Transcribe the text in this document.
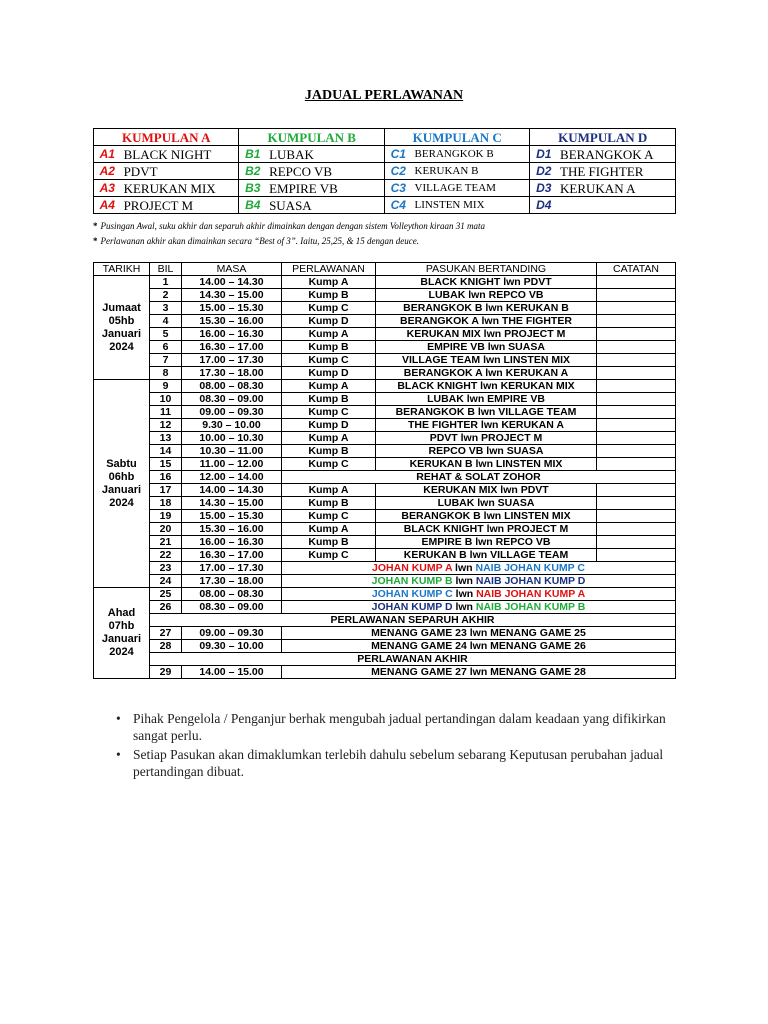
JADUAL PERLAWANAN
KUMPULAN A		KUMPULAN B		KUMPULAN C		KUMPULAN D	
A1	BLACK NIGHT	B1	LUBAK	C1	BERANGKOK B	D1	BERANGKOK A
A2	PDVT	B2	REPCO VB	C2	KERUKAN B	D2	THE FIGHTER
A3	KERUKAN MIX	B3	EMPIRE VB	C3	VILLAGE TEAM	D3	KERUKAN A
A4	PROJECT M	B4	SUASA	C4	LINSTEN MIX	D4	
* Pusingan Awal, suku akhir dan separuh akhir dimainkan dengan dengan sistem Volleython kiraan 31 mata
* Perlawanan akhir akan dimainkan secara “Best of 3”. Iaitu, 25,25, & 15 dengan deuce.
TARIKH	BIL	MASA	PERLAWANAN	PASUKAN BERTANDING	CATATAN
Jumaat 05hb Januari 2024	1	14.00 – 14.30	Kump A	BLACK KNIGHT lwn PDVT	
	2	14.30 – 15.00	Kump B	LUBAK lwn REPCO VB	
	3	15.00 – 15.30	Kump C	BERANGKOK B lwn KERUKAN B	
	4	15.30 – 16.00	Kump D	BERANGKOK A lwn THE FIGHTER	
	5	16.00 – 16.30	Kump A	KERUKAN MIX lwn PROJECT M	
	6	16.30 – 17.00	Kump B	EMPIRE VB lwn SUASA	
	7	17.00 – 17.30	Kump C	VILLAGE TEAM lwn LINSTEN MIX	
	8	17.30 – 18.00	Kump D	BERANGKOK A lwn KERUKAN A	
Sabtu 06hb Januari 2024	9	08.00 – 08.30	Kump A	BLACK KNIGHT lwn KERUKAN MIX	
	10	08.30 – 09.00	Kump B	LUBAK lwn EMPIRE VB	
	11	09.00 – 09.30	Kump C	BERANGKOK B lwn VILLAGE TEAM	
	12	9.30 – 10.00	Kump D	THE FIGHTER lwn KERUKAN A	
	13	10.00 – 10.30	Kump A	PDVT lwn PROJECT M	
	14	10.30 – 11.00	Kump B	REPCO VB lwn SUASA	
	15	11.00 – 12.00	Kump C	KERUKAN B lwn LINSTEN MIX	
	16	12.00 – 14.00	REHAT & SOLAT ZOHOR		
	17	14.00 – 14.30	Kump A	KERUKAN MIX lwn PDVT	
	18	14.30 – 15.00	Kump B	LUBAK lwn SUASA	
	19	15.00 – 15.30	Kump C	BERANGKOK B lwn LINSTEN MIX	
	20	15.30 – 16.00	Kump A	BLACK KNIGHT lwn PROJECT M	
	21	16.00 – 16.30	Kump B	EMPIRE B lwn REPCO VB	
	22	16.30 – 17.00	Kump C	KERUKAN B lwn VILLAGE TEAM	
	23	17.00 – 17.30	JOHAN KUMP A lwn NAIB JOHAN KUMP C		
	24	17.30 – 18.00	JOHAN KUMP B lwn NAIB JOHAN KUMP D		
Ahad 07hb Januari 2024	25	08.00 – 08.30	JOHAN KUMP C lwn NAIB JOHAN KUMP A		
	26	08.30 – 09.00	JOHAN KUMP D lwn NAIB JOHAN KUMP B		
	PERLAWANAN SEPARUH AKHIR				
	27	09.00 – 09.30	MENANG GAME 23 lwn MENANG GAME 25		
	28	09.30 – 10.00	MENANG GAME 24 lwn MENANG GAME 26		
	PERLAWANAN AKHIR				
	29	14.00 – 15.00	MENANG GAME 27 lwn MENANG GAME 28		
• Pihak Pengelola / Penganjur berhak mengubah jadual pertandingan dalam keadaan yang difikirkan sangat perlu.
• Setiap Pasukan akan dimaklumkan terlebih dahulu sebelum sebarang Keputusan perubahan jadual pertandingan dibuat.
